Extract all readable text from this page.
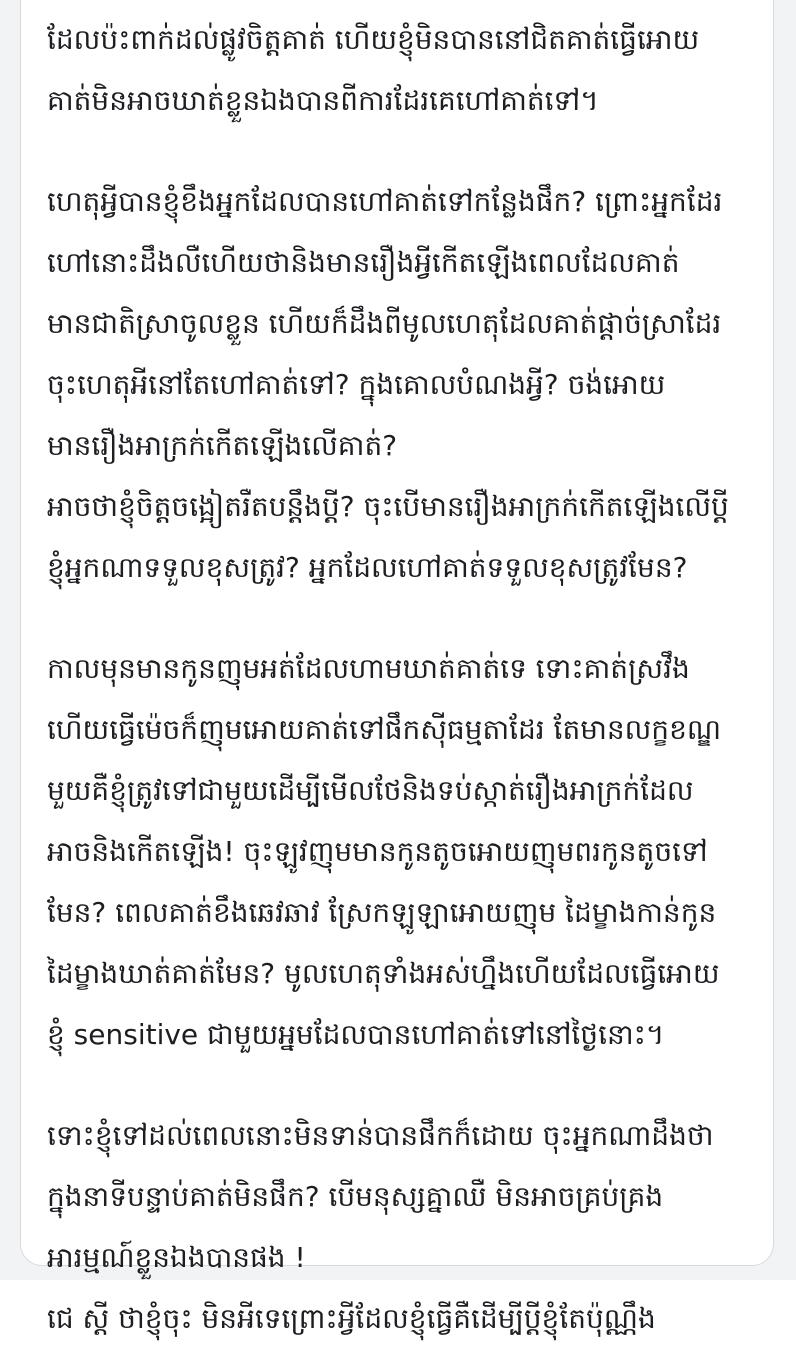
ដែលប៉ះពាក់ដល់ផ្លូវចិត្តគាត់ ហើយខ្ញុំមិនបាននៅជិតគាត់ធ្វើអោយ
គាត់មិនអាចឃាត់ខ្លួនឯងបានពីការដែរគេហៅគាត់ទៅ។
ហេតុអ្វីបានខ្ញុំខឹងអ្នកដែលបានហៅគាត់ទៅកន្លែងផឹក? ព្រោះអ្នកដែរ
ហៅនោះដឹងលឺហើយថានិងមានរឿងអ្វីកើតឡើងពេលដែលគាត់
មានជាតិស្រាចូលខ្លួន ហើយក៏ដឹងពីមូលហេតុដែលគាត់ផ្តាច់ស្រាដែរ
ចុះហេតុអីនៅតែហៅគាត់ទៅ? ក្នុងគោលបំណងអ្វី? ចង់អោយ
មានរឿងអាក្រក់កើតឡើងលើគាត់?
អាចថាខ្ញុំចិត្តចង្អៀតរឺតបន្តឹងប្តី? ចុះបើមានរឿងអាក្រក់កើតឡើងលើប្តី
ខ្ញុំអ្នកណាទទួលខុសត្រូវ? អ្នកដែលហៅគាត់ទទួលខុសត្រូវមែន?
កាលមុនមានកូនញុមអត់ដែលហាមឃាត់គាត់ទេ ទោះគាត់ស្រវឹង
ហើយធ្វើម៉េចក៏ញុមអោយគាត់ទៅផឹកស៊ីធម្មតាដែរ តែមានលក្ខខណ្ឌ
មួយគឺខ្ញុំត្រូវទៅជាមួយដើម្បីមើលថែនិងទប់ស្កាត់រឿងអាក្រក់ដែល
អាចនិងកើតឡើង! ចុះឡូវញុមមានកូនតូចអោយញុមពរកូនតូចទៅ
មែន? ពេលគាត់ខឹងឆេវឆាវ ស្រែកឡូឡាអោយញុម ដៃម្ខាងកាន់កូន
ដៃម្ខាងឃាត់គាត់មែន? មូលហេតុទាំងអស់ហ្នឹងហើយដែលធ្វើអោយ
ខ្ញុំ sensitive ជាមួយអ្នមដែលបានហៅគាត់ទៅនៅថ្ងៃនោះ។
ទោះខ្ញុំទៅដល់ពេលនោះមិនទាន់បានផឹកក៏ដោយ ចុះអ្នកណាដឹងថា
ក្នុងនាទីបន្ទាប់គាត់មិនផឹក? បើមនុស្សគ្នាឈឺ មិនអាចគ្រប់គ្រង
អារម្មណ៍ខ្លួនឯងបានផង !
ជេ ស្តី ថាខ្ញុំចុះ មិនអីទេព្រោះអ្វីដែលខ្ញុំធ្វើគឺដើម្បីប្តីខ្ញុំតែប៉ុណ្ណឹង
